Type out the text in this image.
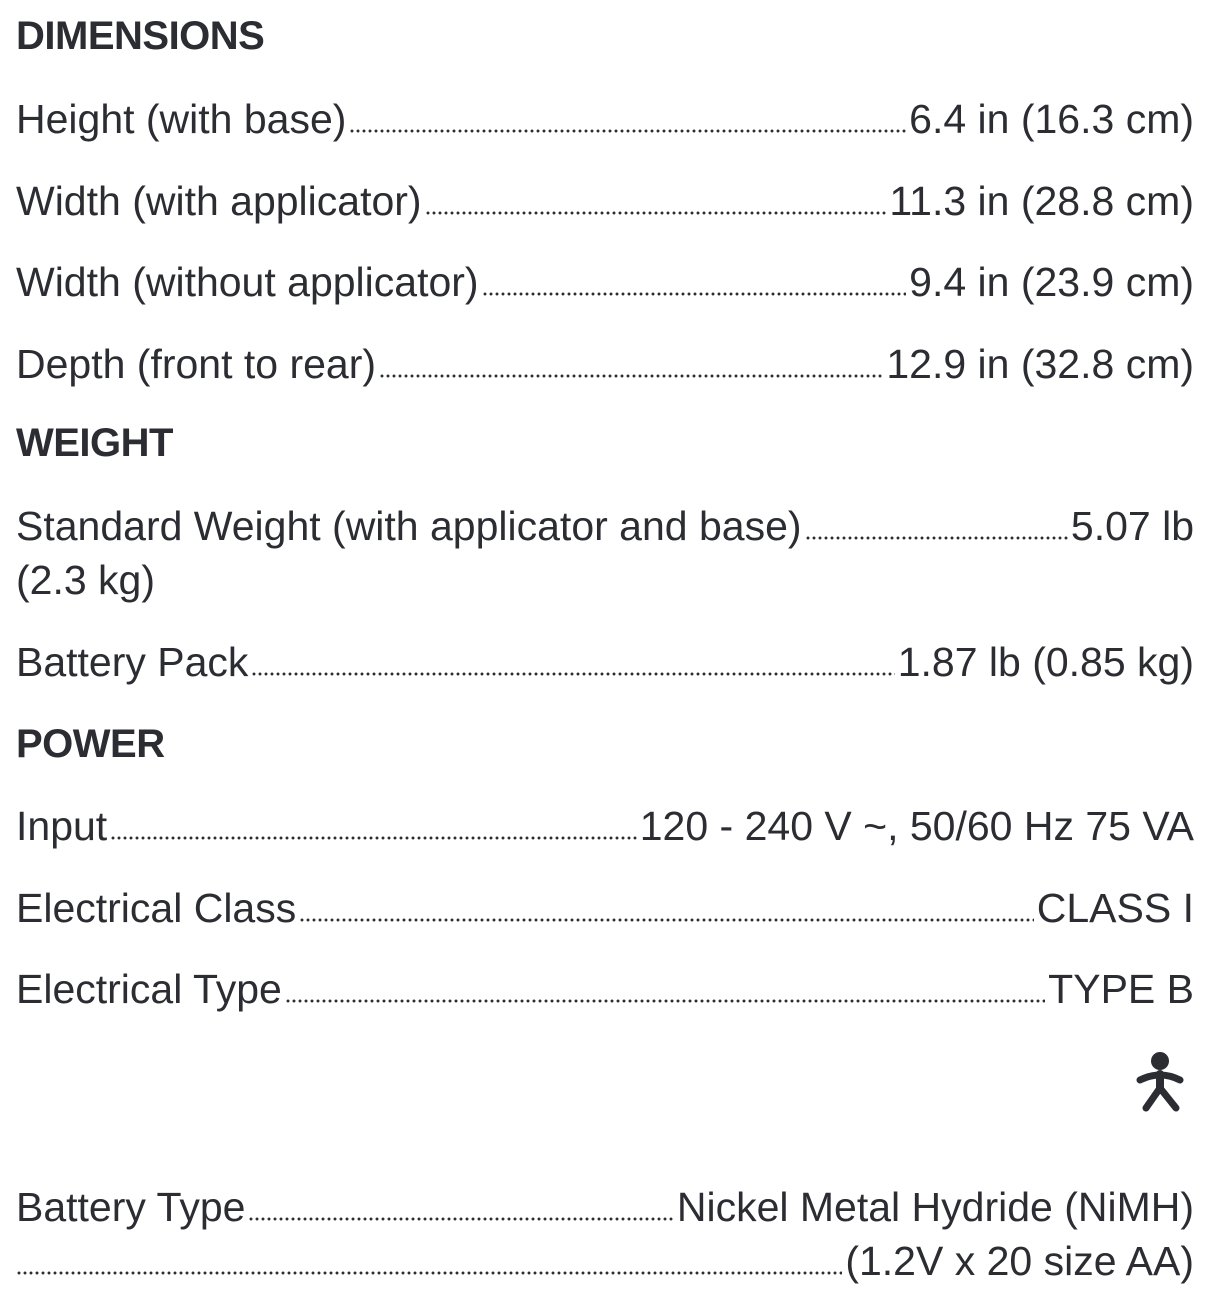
DIMENSIONS
Height (with base)	6.4 in (16.3 cm)
Width (with applicator)	11.3 in (28.8 cm)
Width (without applicator)	9.4 in (23.9 cm)
Depth (front to rear)	12.9 in (32.8 cm)
WEIGHT
Standard Weight (with applicator and base)	5.07 lb
(2.3 kg)
Battery Pack	1.87 lb (0.85 kg)
POWER
Input	120 - 240 V ~, 50/60 Hz 75 VA
Electrical Class	CLASS I
Electrical Type	TYPE B
Battery Type	Nickel Metal Hydride (NiMH)
(1.2V x 20 size AA)
